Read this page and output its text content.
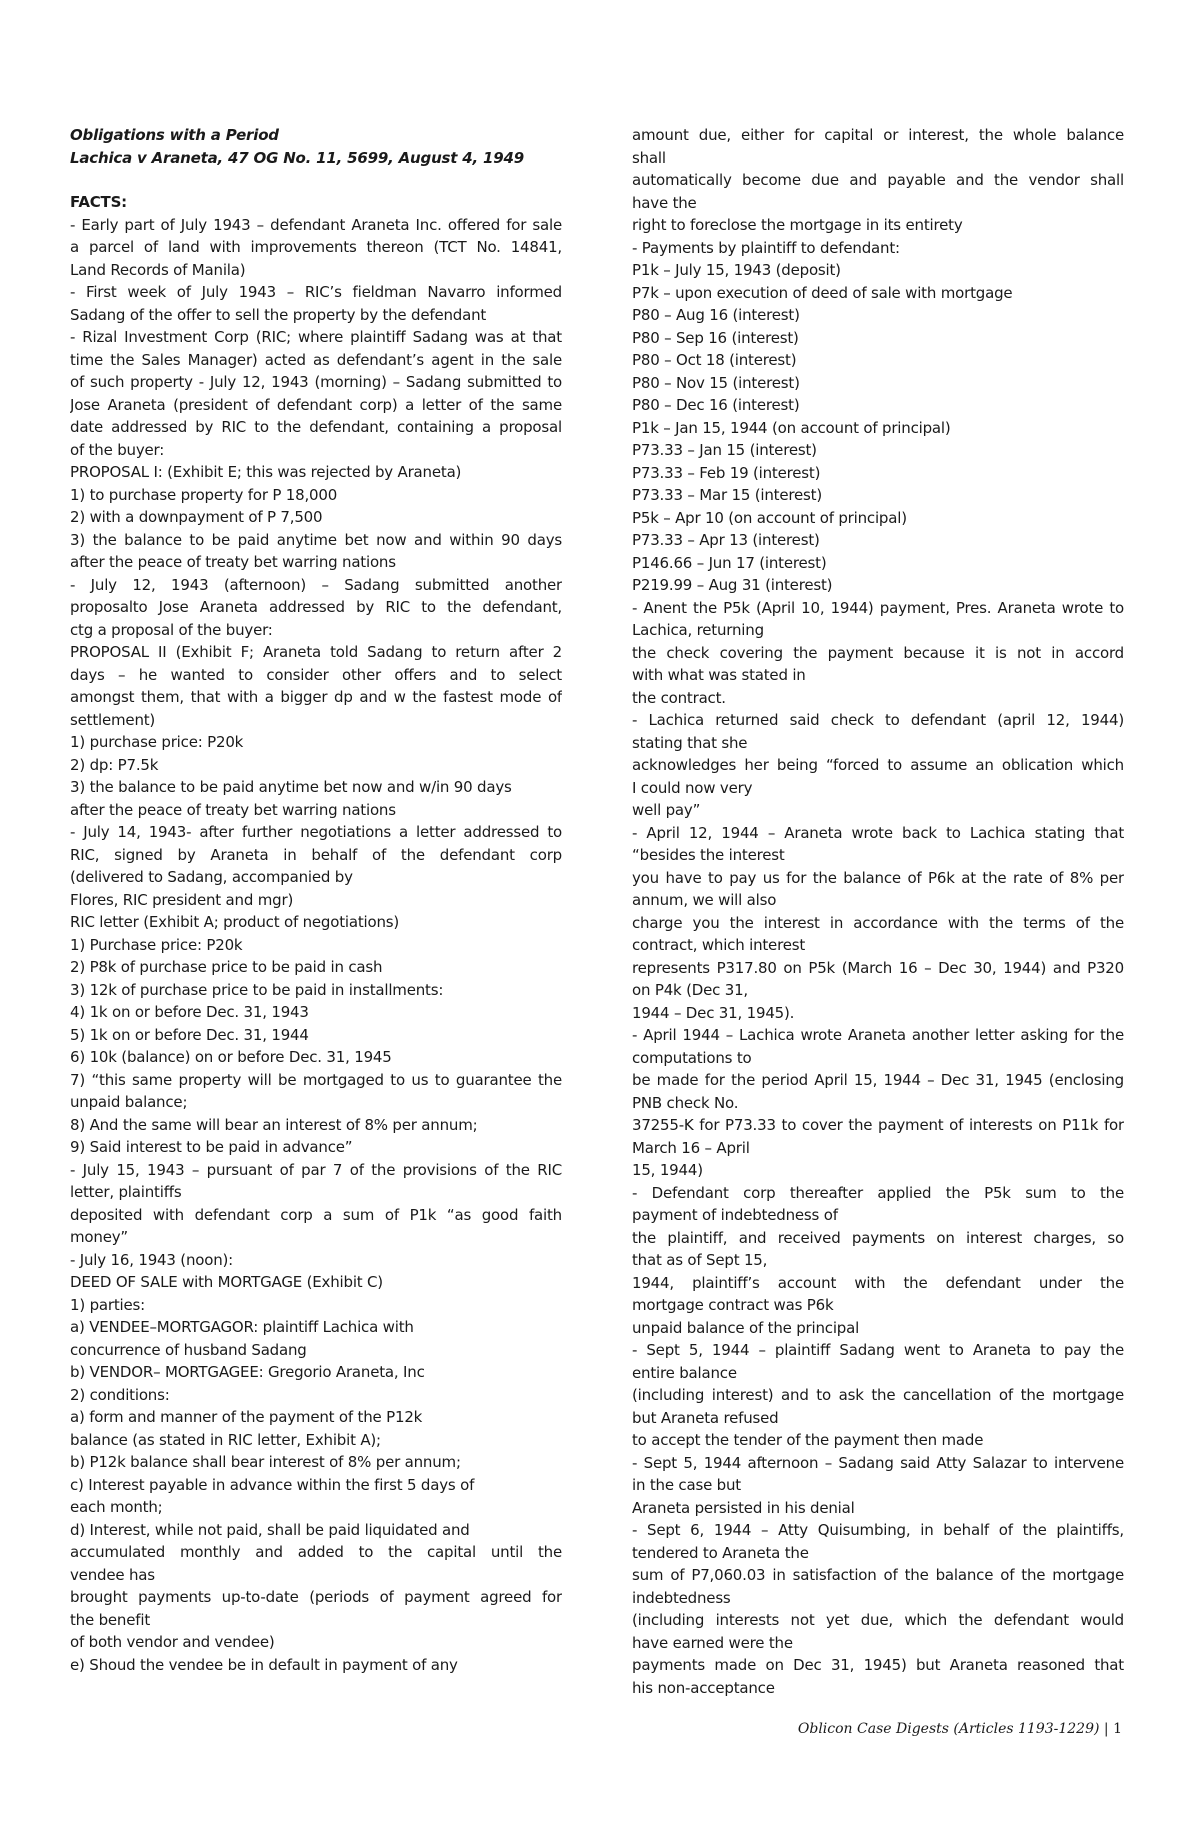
Obligations with a Period
Lachica v Araneta, 47 OG No. 11, 5699, August 4, 1949
FACTS:
- Early part of July 1943 – defendant Araneta Inc. offered for sale
a parcel of land with improvements thereon (TCT No. 14841,
Land Records of Manila)
- First week of July 1943 – RIC’s fieldman Navarro informed
Sadang of the offer to sell the property by the defendant
- Rizal Investment Corp (RIC; where plaintiff Sadang was at that
time the Sales Manager) acted as defendant’s agent in the sale
of such property - July 12, 1943 (morning) – Sadang submitted to
Jose Araneta (president of defendant corp) a letter of the same
date addressed by RIC to the defendant, containing a proposal
of the buyer:
PROPOSAL I: (Exhibit E; this was rejected by Araneta)
1) to purchase property for P 18,000
2) with a downpayment of P 7,500
3) the balance to be paid anytime bet now and within 90 days
after the peace of treaty bet warring nations
- July 12, 1943 (afternoon) – Sadang submitted another
proposalto Jose Araneta addressed by RIC to the defendant,
ctg a proposal of the buyer:
PROPOSAL II (Exhibit F; Araneta told Sadang to return after 2
days – he wanted to consider other offers and to select
amongst them, that with a bigger dp and w the fastest mode of
settlement)
1) purchase price: P20k
2) dp: P7.5k
3) the balance to be paid anytime bet now and w/in 90 days
after the peace of treaty bet warring nations
- July 14, 1943- after further negotiations a letter addressed to
RIC, signed by Araneta in behalf of the defendant corp
(delivered to Sadang, accompanied by
Flores, RIC president and mgr)
RIC letter (Exhibit A; product of negotiations)
1) Purchase price: P20k
2) P8k of purchase price to be paid in cash
3) 12k of purchase price to be paid in installments:
4) 1k on or before Dec. 31, 1943
5) 1k on or before Dec. 31, 1944
6) 10k (balance) on or before Dec. 31, 1945
7) “this same property will be mortgaged to us to guarantee the
unpaid balance;
8) And the same will bear an interest of 8% per annum;
9) Said interest to be paid in advance”
- July 15, 1943 – pursuant of par 7 of the provisions of the RIC
letter, plaintiffs
deposited with defendant corp a sum of P1k “as good faith
money”
- July 16, 1943 (noon):
DEED OF SALE with MORTGAGE (Exhibit C)
1) parties:
a) VENDEE–MORTGAGOR: plaintiff Lachica with
concurrence of husband Sadang
b) VENDOR– MORTGAGEE: Gregorio Araneta, Inc
2) conditions:
a) form and manner of the payment of the P12k
balance (as stated in RIC letter, Exhibit A);
b) P12k balance shall bear interest of 8% per annum;
c) Interest payable in advance within the first 5 days of
each month;
d) Interest, while not paid, shall be paid liquidated and
accumulated monthly and added to the capital until the
vendee has
brought payments up-to-date (periods of payment agreed for
the benefit
of both vendor and vendee)
e) Shoud the vendee be in default in payment of any
amount due, either for capital or interest, the whole balance
shall
automatically become due and payable and the vendor shall
have the
right to foreclose the mortgage in its entirety
- Payments by plaintiff to defendant:
P1k – July 15, 1943 (deposit)
P7k – upon execution of deed of sale with mortgage
P80 – Aug 16 (interest)
P80 – Sep 16 (interest)
P80 – Oct 18 (interest)
P80 – Nov 15 (interest)
P80 – Dec 16 (interest)
P1k – Jan 15, 1944 (on account of principal)
P73.33 – Jan 15 (interest)
P73.33 – Feb 19 (interest)
P73.33 – Mar 15 (interest)
P5k – Apr 10 (on account of principal)
P73.33 – Apr 13 (interest)
P146.66 – Jun 17 (interest)
P219.99 – Aug 31 (interest)
- Anent the P5k (April 10, 1944) payment, Pres. Araneta wrote to
Lachica, returning
the check covering the payment because it is not in accord
with what was stated in
the contract.
- Lachica returned said check to defendant (april 12, 1944)
stating that she
acknowledges her being “forced to assume an oblication which
I could now very
well pay”
- April 12, 1944 – Araneta wrote back to Lachica stating that
“besides the interest
you have to pay us for the balance of P6k at the rate of 8% per
annum, we will also
charge you the interest in accordance with the terms of the
contract, which interest
represents P317.80 on P5k (March 16 – Dec 30, 1944) and P320
on P4k (Dec 31,
1944 – Dec 31, 1945).
- April 1944 – Lachica wrote Araneta another letter asking for the
computations to
be made for the period April 15, 1944 – Dec 31, 1945 (enclosing
PNB check No.
37255-K for P73.33 to cover the payment of interests on P11k for
March 16 – April
15, 1944)
- Defendant corp thereafter applied the P5k sum to the
payment of indebtedness of
the plaintiff, and received payments on interest charges, so
that as of Sept 15,
1944, plaintiff’s account with the defendant under the
mortgage contract was P6k
unpaid balance of the principal
- Sept 5, 1944 – plaintiff Sadang went to Araneta to pay the
entire balance
(including interest) and to ask the cancellation of the mortgage
but Araneta refused
to accept the tender of the payment then made
- Sept 5, 1944 afternoon – Sadang said Atty Salazar to intervene
in the case but
Araneta persisted in his denial
- Sept 6, 1944 – Atty Quisumbing, in behalf of the plaintiffs,
tendered to Araneta the
sum of P7,060.03 in satisfaction of the balance of the mortgage
indebtedness
(including interests not yet due, which the defendant would
have earned were the
payments made on Dec 31, 1945) but Araneta reasoned that
his non-acceptance
Oblicon Case Digests (Articles 1193-1229) | 1
